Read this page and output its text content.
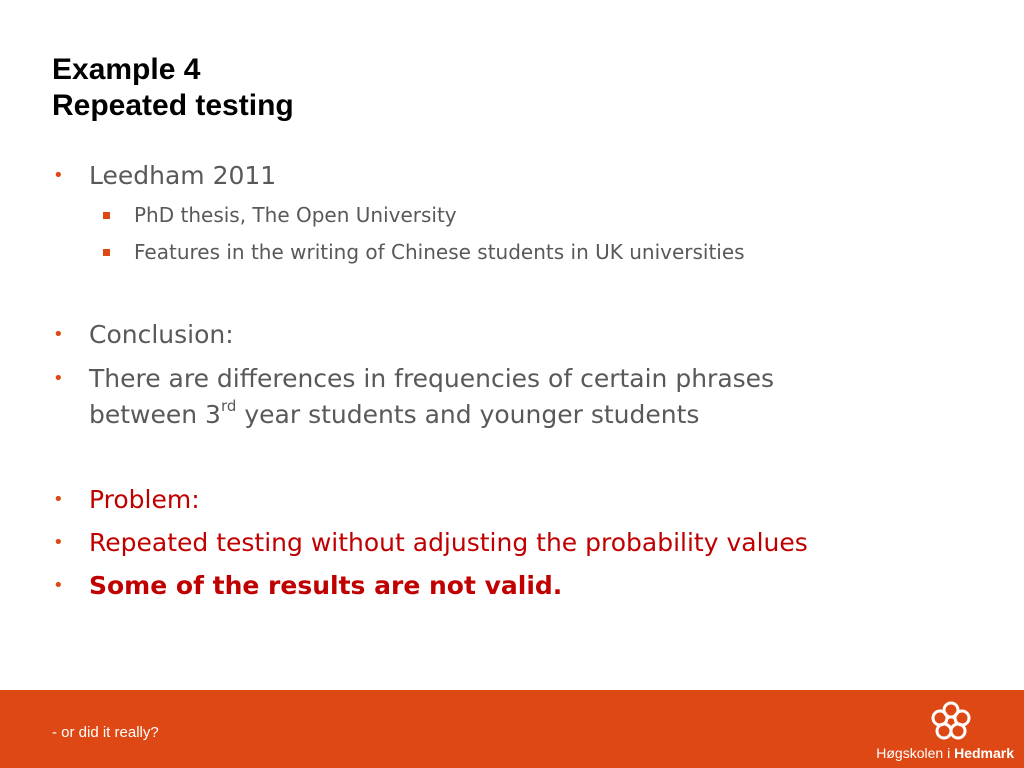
Example 4
Repeated testing
• Leedham 2011
PhD thesis, The Open University
Features in the writing of Chinese students in UK universities
• Conclusion:
• There are differences in frequencies of certain phrases
between 3rd year students and younger students
• Problem:
• Repeated testing without adjusting the probability values
• Some of the results are not valid.
- or did it really?
Høgskolen i Hedmark
